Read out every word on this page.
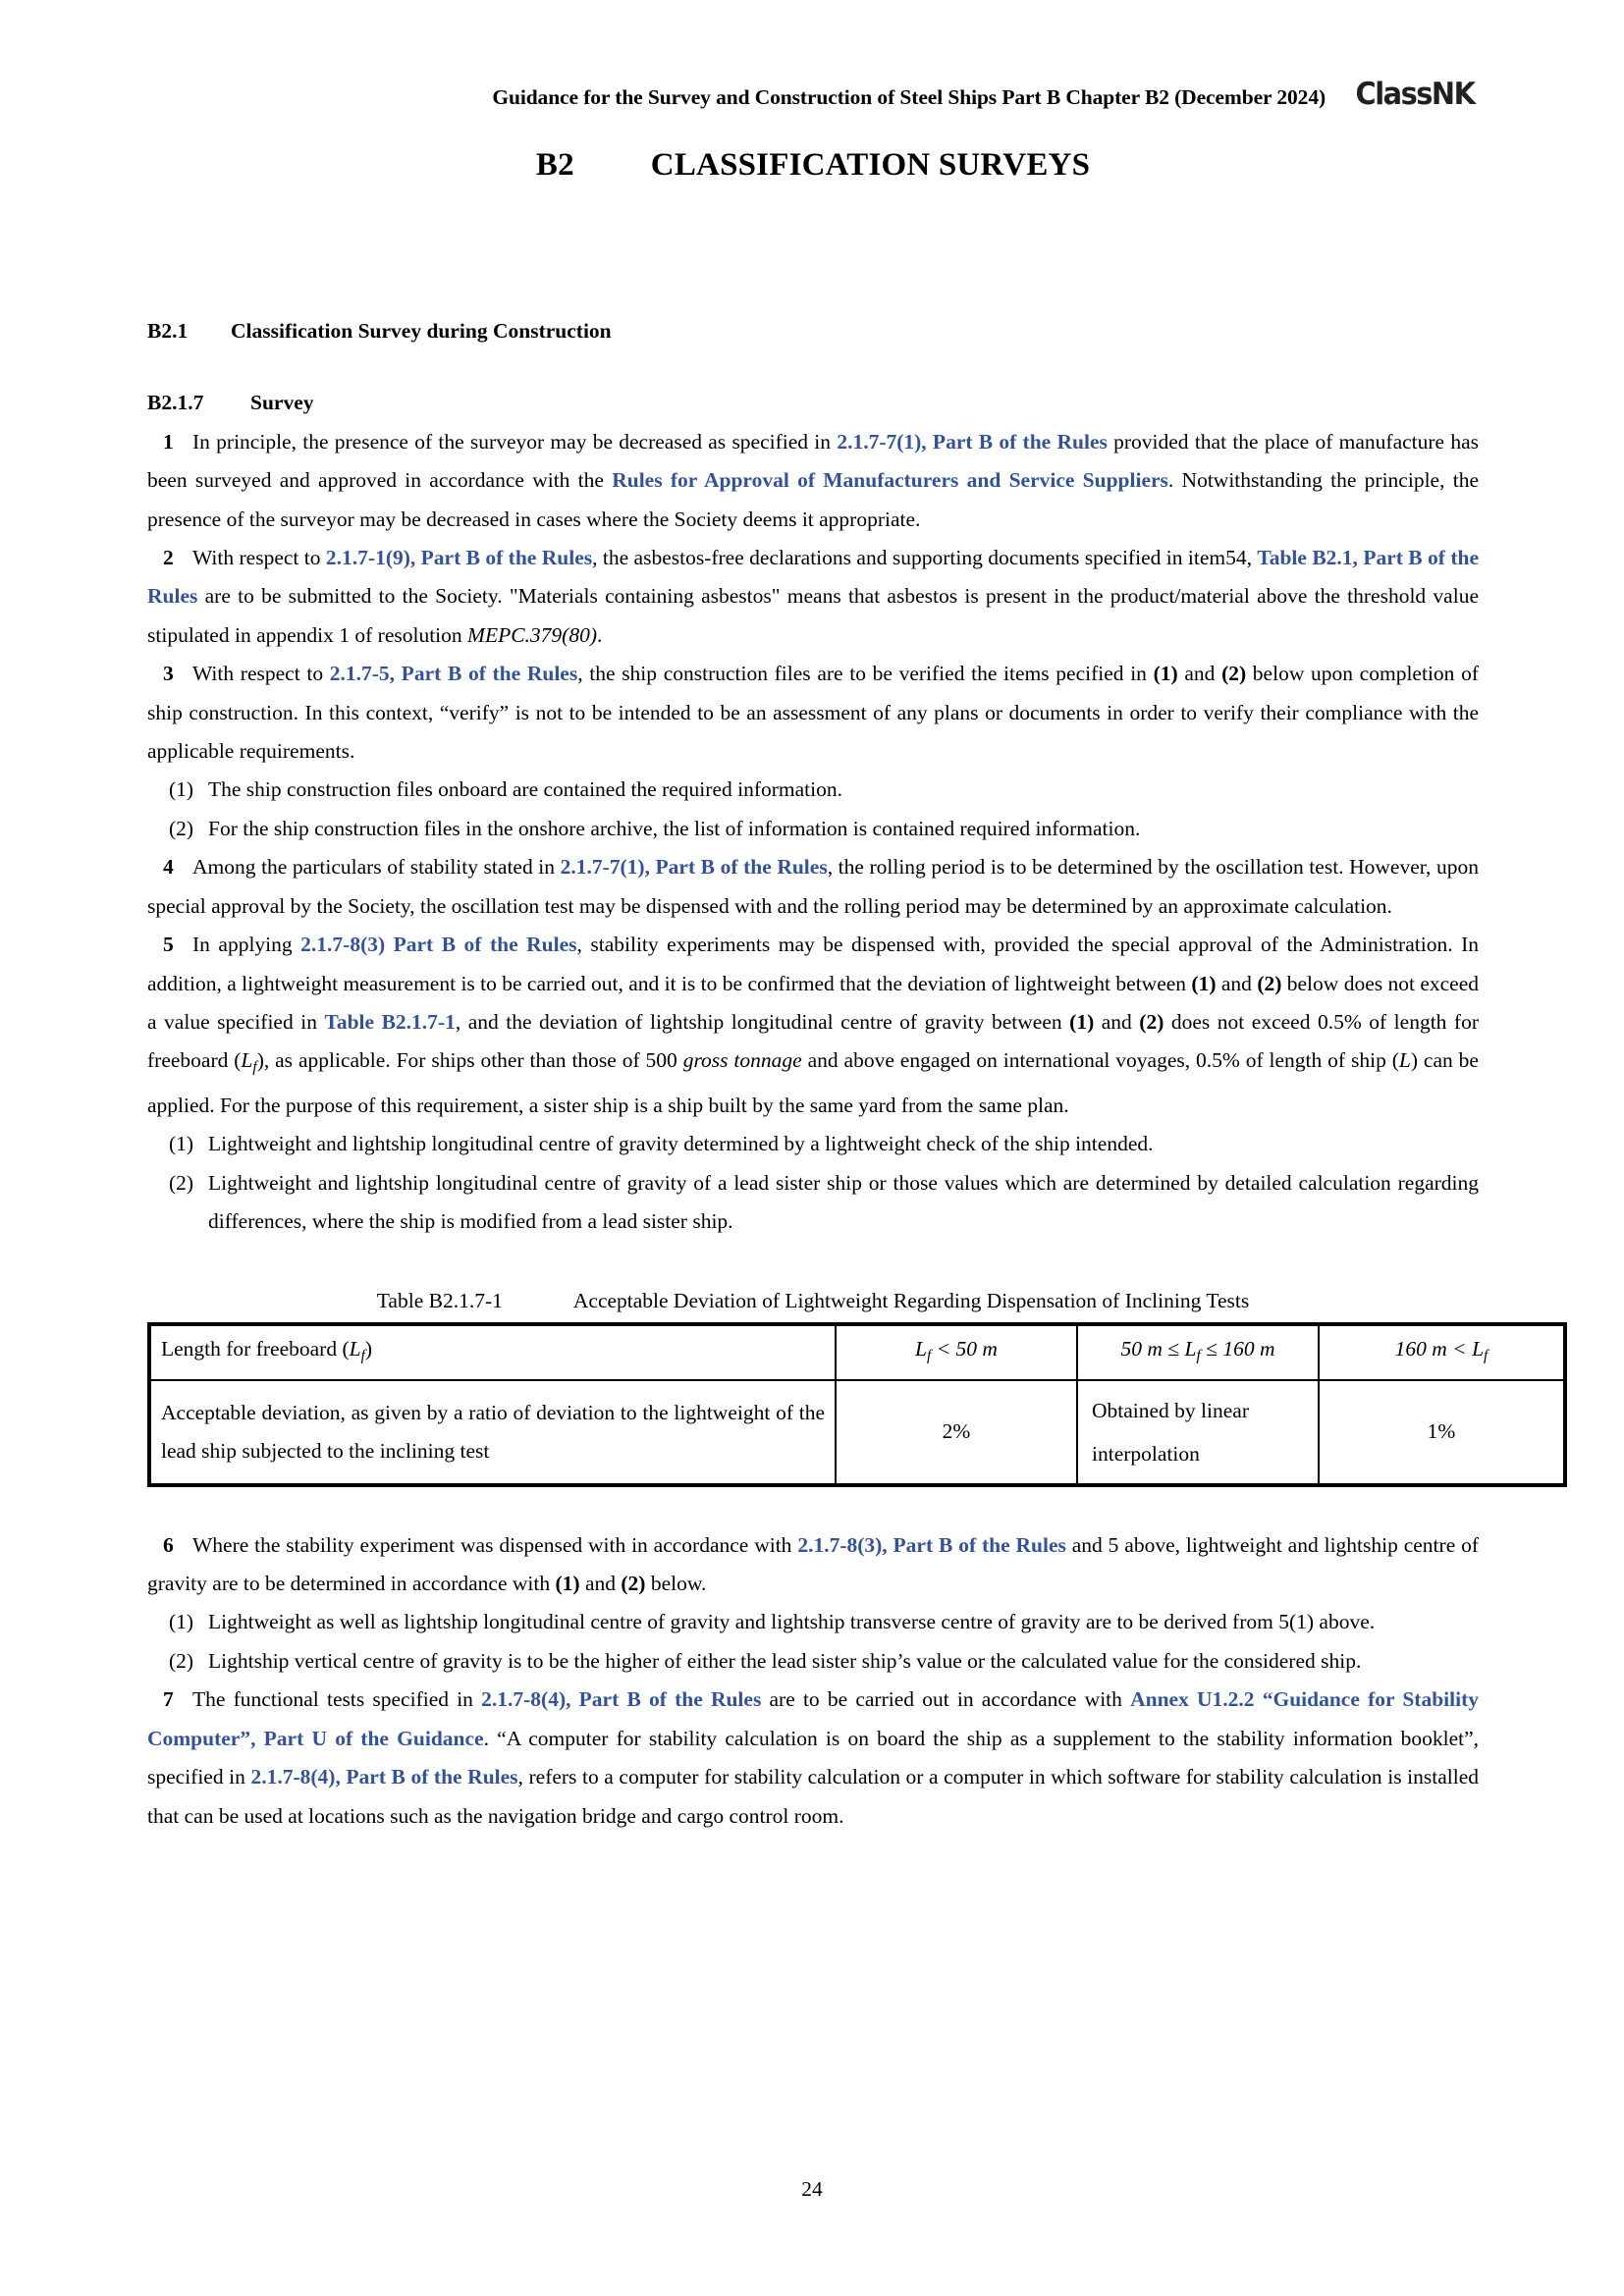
Guidance for the Survey and Construction of Steel Ships Part B Chapter B2 (December 2024) ClassNK
B2 CLASSIFICATION SURVEYS
B2.1 Classification Survey during Construction
B2.1.7 Survey

1 In principle, the presence of the surveyor may be decreased as specified in 2.1.7-7(1), Part B of the Rules provided that the place of manufacture has been surveyed and approved in accordance with the Rules for Approval of Manufacturers and Service Suppliers. Notwithstanding the principle, the presence of the surveyor may be decreased in cases where the Society deems it appropriate.

2 With respect to 2.1.7-1(9), Part B of the Rules, the asbestos-free declarations and supporting documents specified in item54, Table B2.1, Part B of the Rules are to be submitted to the Society. "Materials containing asbestos" means that asbestos is present in the product/material above the threshold value stipulated in appendix 1 of resolution MEPC.379(80).

3 With respect to 2.1.7-5, Part B of the Rules, the ship construction files are to be verified the items pecified in (1) and (2) below upon completion of ship construction. In this context, “verify” is not to be intended to be an assessment of any plans or documents in order to verify their compliance with the applicable requirements.

(1) The ship construction files onboard are contained the required information.
(2) For the ship construction files in the onshore archive, the list of information is contained required information.

4 Among the particulars of stability stated in 2.1.7-7(1), Part B of the Rules, the rolling period is to be determined by the oscillation test. However, upon special approval by the Society, the oscillation test may be dispensed with and the rolling period may be determined by an approximate calculation.

5 In applying 2.1.7-8(3) Part B of the Rules, stability experiments may be dispensed with, provided the special approval of the Administration. In addition, a lightweight measurement is to be carried out, and it is to be confirmed that the deviation of lightweight between (1) and (2) below does not exceed a value specified in Table B2.1.7-1, and the deviation of lightship longitudinal centre of gravity between (1) and (2) does not exceed 0.5% of length for freeboard $(L_f)$, as applicable. For ships other than those of 500 gross tonnage and above engaged on international voyages, 0.5% of length of ship (L) can be applied. For the purpose of this requirement, a sister ship is a ship built by the same yard from the same plan.

(1) Lightweight and lightship longitudinal centre of gravity determined by a lightweight check of the ship intended.
(2) Lightweight and lightship longitudinal centre of gravity of a lead sister ship or those values which are determined by detailed calculation regarding differences, where the ship is modified from a lead sister ship.
Table B2.1.7-1	Acceptable Deviation of Lightweight Regarding Dispensation of Inclining Tests
Length for freeboard $(L_f)$	$L_f < 50$ m	50 $m \le L_f \le 160$ m	160 $m < L_f$
Acceptable deviation, as given by a ratio of deviation to the lightweight of the lead ship subjected to the inclining test	2%	Obtained by linear interpolation	1%

6 Where the stability experiment was dispensed with in accordance with 2.1.7-8(3), Part B of the Rules and 5 above, lightweight and lightship centre of gravity are to be determined in accordance with (1) and (2) below.

(1) Lightweight as well as lightship longitudinal centre of gravity and lightship transverse centre of gravity are to be derived from 5(1) above.
(2) Lightship vertical centre of gravity is to be the higher of either the lead sister ship’s value or the calculated value for the considered ship.

7 The functional tests specified in 2.1.7-8(4), Part B of the Rules are to be carried out in accordance with Annex U1.2.2 “Guidance for Stability Computer”, Part U of the Guidance. “A computer for stability calculation is on board the ship as a supplement to the stability information booklet”, specified in 2.1.7-8(4), Part B of the Rules, refers to a computer for stability calculation or a computer in which software for stability calculation is installed that can be used at locations such as the navigation bridge and cargo control room.

24
